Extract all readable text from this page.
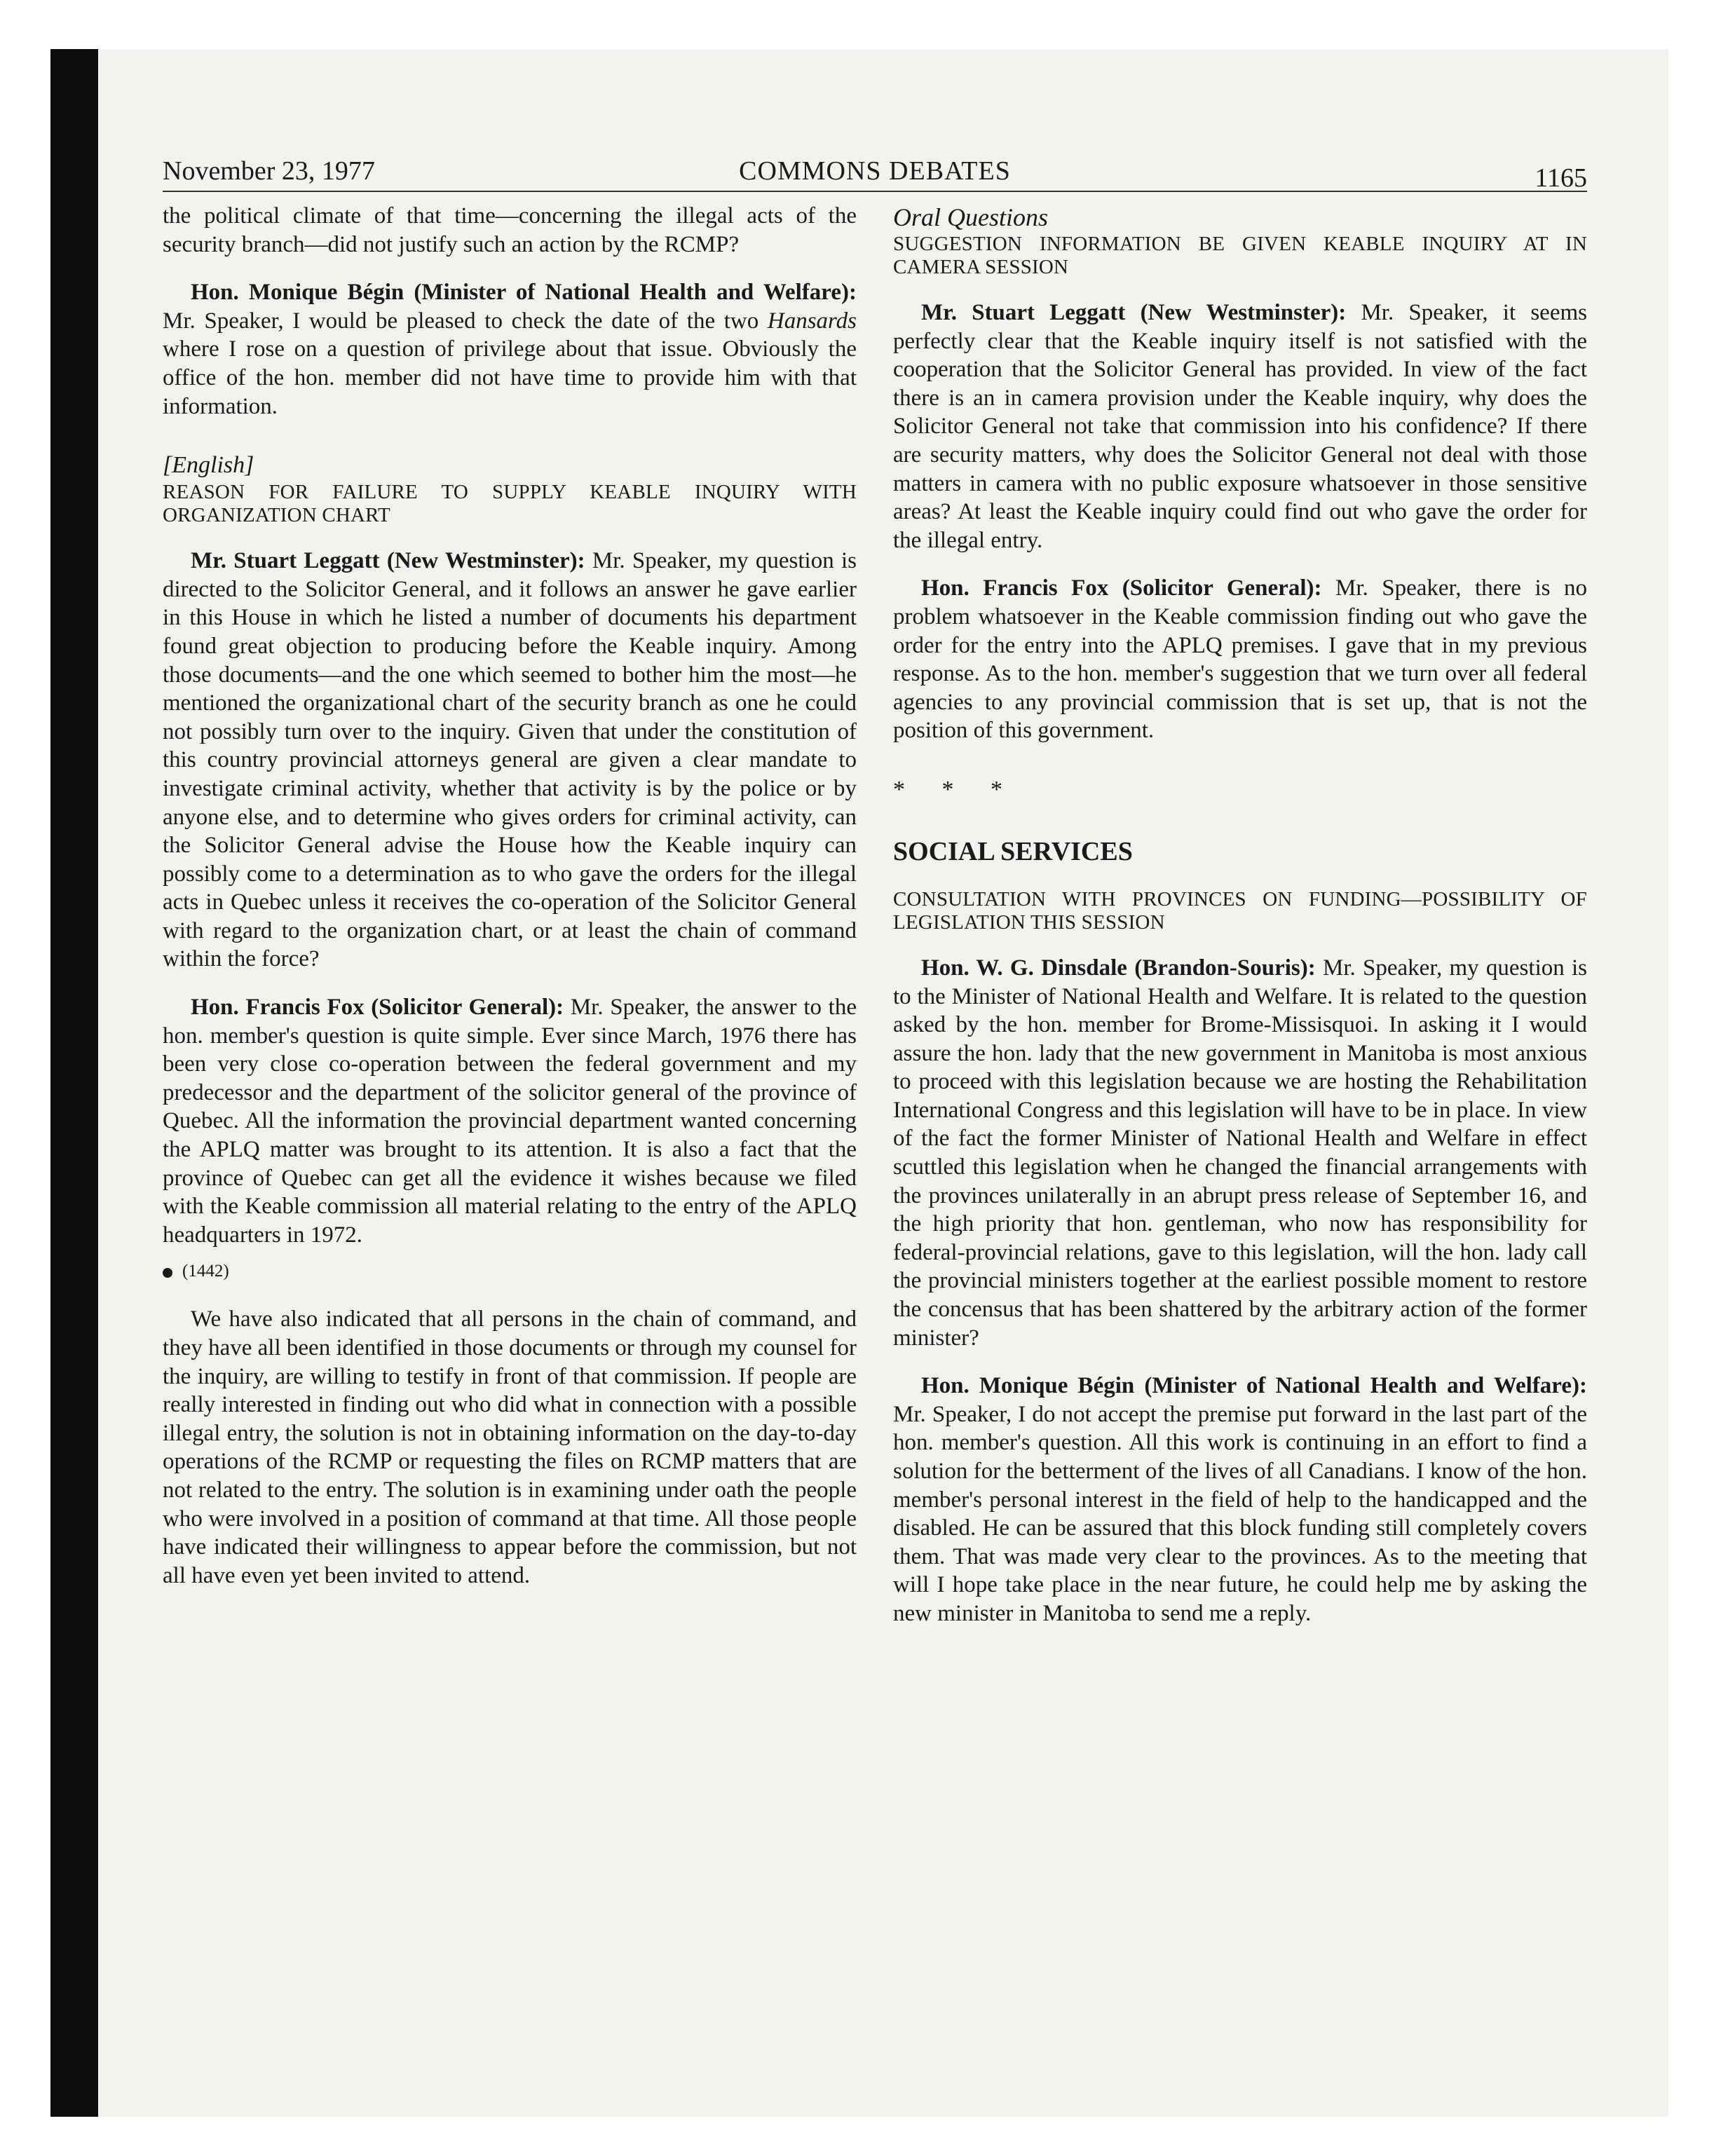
November 23, 1977	COMMONS DEBATES	1165

the political climate of that time—concerning the illegal acts of the security branch—did not justify such an action by the RCMP?

Hon. Monique Bégin (Minister of National Health and Welfare): Mr. Speaker, I would be pleased to check the date of the two Hansards where I rose on a question of privilege about that issue. Obviously the office of the hon. member did not have time to provide him with that information.

[English]

REASON FOR FAILURE TO SUPPLY KEABLE INQUIRY WITH ORGANIZATION CHART

Mr. Stuart Leggatt (New Westminster): Mr. Speaker, my question is directed to the Solicitor General, and it follows an answer he gave earlier in this House in which he listed a number of documents his department found great objection to producing before the Keable inquiry. Among those documents—and the one which seemed to bother him the most—he mentioned the organizational chart of the security branch as one he could not possibly turn over to the inquiry. Given that under the constitution of this country provincial attorneys general are given a clear mandate to investigate criminal activity, whether that activity is by the police or by anyone else, and to determine who gives orders for criminal activity, can the Solicitor General advise the House how the Keable inquiry can possibly come to a determination as to who gave the orders for the illegal acts in Quebec unless it receives the co-operation of the Solicitor General with regard to the organization chart, or at least the chain of command within the force?

Hon. Francis Fox (Solicitor General): Mr. Speaker, the answer to the hon. member's question is quite simple. Ever since March, 1976 there has been very close co-operation between the federal government and my predecessor and the department of the solicitor general of the province of Quebec. All the information the provincial department wanted concerning the APLQ matter was brought to its attention. It is also a fact that the province of Quebec can get all the evidence it wishes because we filed with the Keable commission all material relating to the entry of the APLQ headquarters in 1972.

(1442)

We have also indicated that all persons in the chain of command, and they have all been identified in those documents or through my counsel for the inquiry, are willing to testify in front of that commission. If people are really interested in finding out who did what in connection with a possible illegal entry, the solution is not in obtaining information on the day-to-day operations of the RCMP or requesting the files on RCMP matters that are not related to the entry. The solution is in examining under oath the people who were involved in a position of command at that time. All those people have indicated their willingness to appear before the commission, but not all have even yet been invited to attend.

Oral Questions

SUGGESTION INFORMATION BE GIVEN KEABLE INQUIRY AT IN CAMERA SESSION

Mr. Stuart Leggatt (New Westminster): Mr. Speaker, it seems perfectly clear that the Keable inquiry itself is not satisfied with the cooperation that the Solicitor General has provided. In view of the fact there is an in camera provision under the Keable inquiry, why does the Solicitor General not take that commission into his confidence? If there are security matters, why does the Solicitor General not deal with those matters in camera with no public exposure whatsoever in those sensitive areas? At least the Keable inquiry could find out who gave the order for the illegal entry.

Hon. Francis Fox (Solicitor General): Mr. Speaker, there is no problem whatsoever in the Keable commission finding out who gave the order for the entry into the APLQ premises. I gave that in my previous response. As to the hon. member's suggestion that we turn over all federal agencies to any provincial commission that is set up, that is not the position of this government.

* * *

SOCIAL SERVICES

CONSULTATION WITH PROVINCES ON FUNDING—POSSIBILITY OF LEGISLATION THIS SESSION

Hon. W. G. Dinsdale (Brandon-Souris): Mr. Speaker, my question is to the Minister of National Health and Welfare. It is related to the question asked by the hon. member for Brome-Missisquoi. In asking it I would assure the hon. lady that the new government in Manitoba is most anxious to proceed with this legislation because we are hosting the Rehabilitation International Congress and this legislation will have to be in place. In view of the fact the former Minister of National Health and Welfare in effect scuttled this legislation when he changed the financial arrangements with the provinces unilaterally in an abrupt press release of September 16, and the high priority that hon. gentleman, who now has responsibility for federal-provincial relations, gave to this legislation, will the hon. lady call the provincial ministers together at the earliest possible moment to restore the concensus that has been shattered by the arbitrary action of the former minister?

Hon. Monique Bégin (Minister of National Health and Welfare): Mr. Speaker, I do not accept the premise put forward in the last part of the hon. member's question. All this work is continuing in an effort to find a solution for the betterment of the lives of all Canadians. I know of the hon. member's personal interest in the field of help to the handicapped and the disabled. He can be assured that this block funding still completely covers them. That was made very clear to the provinces. As to the meeting that will I hope take place in the near future, he could help me by asking the new minister in Manitoba to send me a reply.
